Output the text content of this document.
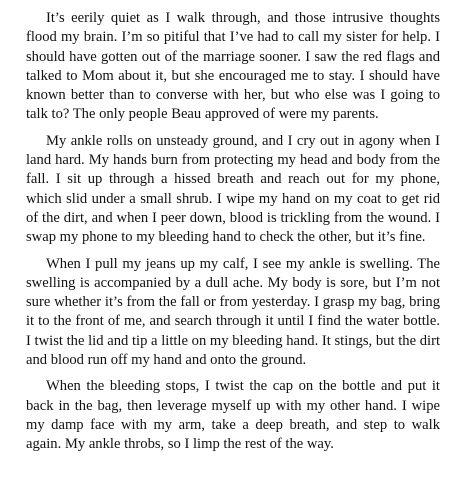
It’s eerily quiet as I walk through, and those intrusive thoughts flood my brain. I’m so pitiful that I’ve had to call my sister for help. I should have gotten out of the marriage sooner. I saw the red flags and talked to Mom about it, but she encouraged me to stay. I should have known better than to converse with her, but who else was I going to talk to? The only people Beau approved of were my parents.

My ankle rolls on unsteady ground, and I cry out in agony when I land hard. My hands burn from protecting my head and body from the fall. I sit up through a hissed breath and reach out for my phone, which slid under a small shrub. I wipe my hand on my coat to get rid of the dirt, and when I peer down, blood is trickling from the wound. I swap my phone to my bleeding hand to check the other, but it’s fine.

When I pull my jeans up my calf, I see my ankle is swelling. The swelling is accompanied by a dull ache. My body is sore, but I’m not sure whether it’s from the fall or from yesterday. I grasp my bag, bring it to the front of me, and search through it until I find the water bottle. I twist the lid and tip a little on my bleeding hand. It stings, but the dirt and blood run off my hand and onto the ground.

When the bleeding stops, I twist the cap on the bottle and put it back in the bag, then leverage myself up with my other hand. I wipe my damp face with my arm, take a deep breath, and step to walk again. My ankle throbs, so I limp the rest of the way.
